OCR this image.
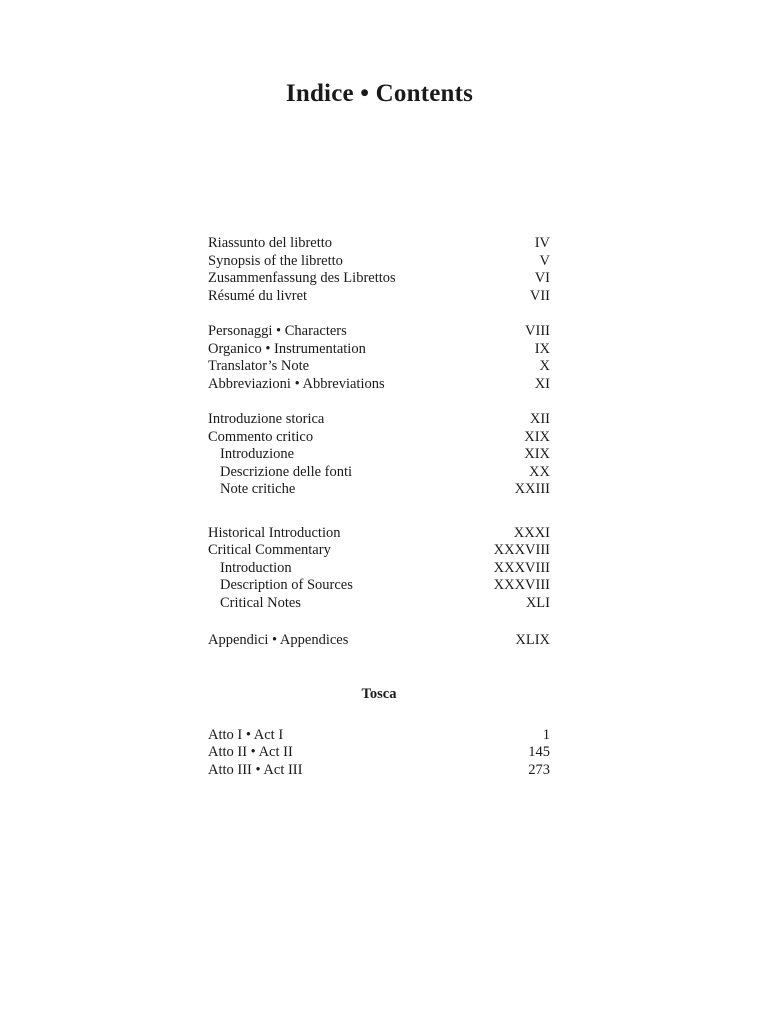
Indice • Contents
Riassunto del libretto	IV
Synopsis of the libretto	V
Zusammenfassung des Librettos	VI
Résumé du livret	VII
Personaggi • Characters	VIII
Organico • Instrumentation	IX
Translator’s Note	X
Abbreviazioni • Abbreviations	XI
Introduzione storica	XII
Commento critico	XIX
Introduzione	XIX
Descrizione delle fonti	XX
Note critiche	XXIII
Historical Introduction	XXXI
Critical Commentary	XXXVIII
Introduction	XXXVIII
Description of Sources	XXXVIII
Critical Notes	XLI
Appendici • Appendices	XLIX
Tosca
Atto I • Act I	1
Atto II • Act II	145
Atto III • Act III	273
